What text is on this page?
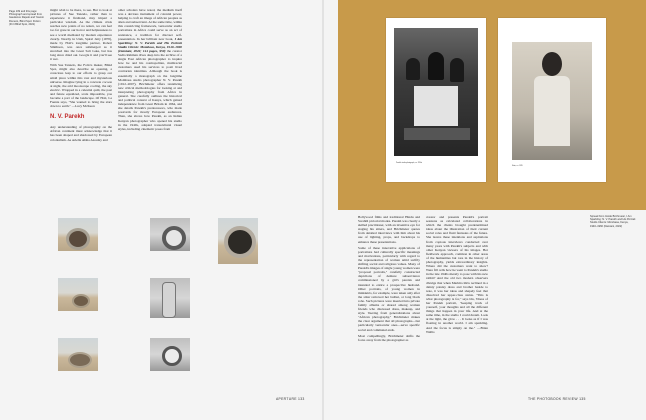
Page 109 and this page: Photograph and spread from Gaudence Rapelo and Yasmin Romero, Blind Spot: Fiction (R.O.Blind Spot, 2021)

might wish to be there, to see. But to look at pictures of Sue Tanzelo, rather than to experience it firsthand, may impart a particular wisdom. As the climate crisis reaches new points of no return, we can feel too far gone in our horror and helplessness to see a world mediated by modern experience clearly. Nearby in Utah, Spiral Jetty (1970), made by Holt's longtime partner, Robert Smithson, was once submerged as it stretched into the Great Salt Lake, but has long since dried out. Google it and you'll see it wet.

With Sue Tanzelo, the Folio's maker, Blind Spot, might also describe an opening, a conscious leap to our efforts to grasp our small place within this vast and mysterious universe. Imagine lying in a concrete cocoon at night, the arid moonscape cooling, the sky electric. Wrapped in a celestial quilt, the past and future equalized, scale impossible, you become a part of the landscape. Of Holt, La Fuente says, "She wanted to bring the stars down to earth." —Lucy McKeon

N. V. Parekh

Any understanding of photography on the African continent must acknowledge that it has been shaped and shadowed by European colonialism. As Ariella Aïsha Azoulay and

other scholars have noted, the medium itself was a devious instrument of colonial power, helping to craft an image of African peoples as alien and subservient. At the same time, within this constricting framework, vernacular studio portraiture in Africa could serve as an act of resistance, a tradition for discreet self-presentation. In her brilliant new book, I Am Sparkling: N. V. Parekh and His Portrait Studio Clients: Mombasa, Kenya, 1940–1960 (Damiani, 2022; 144 pages, $50) the curator Sadia Rahman dives deep into the archive of a single East African photographer to inquire how he and his cosmopolitan, multiracial customers used his services to posit lived contrarian identities. Although the book is essentially a monograph on the longtime Mombasa studio photographer N. V. Parekh (1912–2007), Brichmeier offers tantalizing new critical methodologies for looking at and interpreting photography from Africa in general. She carefully outlines the historical and political context of Kenya, which gained independence from Great Britain in 1964, and she details Parekh's predecessors, who made postcards for mostly European audiences. Then, she shows how Parekh, as an Indian Kenyan photographer who opened his studio in the 1940s, adapted transcultural visual styles, including cinematic poses from

APERTURE 133
Parekh studio photograph, ca. 1950s
Sitter, ca. 1955

Bollywood films and traditional Hindu and Swahili pictorial modes. Parekh was clearly a skilled practitioner, with an inventive eye for staging his sitters, and Brichmeier quotes from detailed interviews with him about his use of lighting, props, and backdrops to enhance these presentations.

Some of these innovative applications of portraiture had culturally specific meanings and motivations, particularly with regard to the representation of women amid swiftly shifting social and religious values. Many of Parekh's images of single young women were "proposal portraits," carefully constructed depictions of demure subservience commissioned by a girl's parents and intended to entice a prospective husband. Other portraits, of young women in miniskirts, for example, were taken only after the sitter removed her buibui, or long black robe. Such pictures were inserted into private family albums or shared among women friends who discussed dress, makeup, and style. Veering from generalizations about "African photography," Brichmeier makes the clear argument that all photographs—but particularly vernacular ones—serve specific social and communal ends.

Most compellingly, Brichmeier shifts the focus away from the photographer as

creator and presents Parekh's portrait sessions as calculated collaborations in which the clients brought predetermined ideas about the illustration of their current social roles and fluid fantasies of the future. She leaves these intentions and aspirations from copious interviews conducted over many years with Parekh's subjects and with other Kenyan viewers of his images. Her fieldwork approach, common in other areas of the humanities but rare in the history of photography, yields extraordinary insights. Where did the customers want to show? Were fill cells how he went to Parekh's studio in the late 1940s merely to pose with his new rabbit? And the old two modern observers divulge that when Marima Idris reclined in a dainty paisley dress and brother beside to note, it was her ideas and shapely feet that dissolved her upper-class status. "This is what photography is for," says Ida, 'Dress of her Parekh portrait, "keeping track of yourself, your thoughts and all the different things that happen in your life. And at the same time, in the studio I could dream. Look at the light, the glow . . . It looks as if I was floating in another world. I am sparkling. And the focus is simply on me." —Brian Wallis

Spread from Inside Brichmeier, I Am Sparkling: N. V. Parekh and His Portrait Studio Clients: Mombasa, Kenya, 1940–1960 (Damiani, 2022)
THE PHOTOBOOK REVIEW 135
